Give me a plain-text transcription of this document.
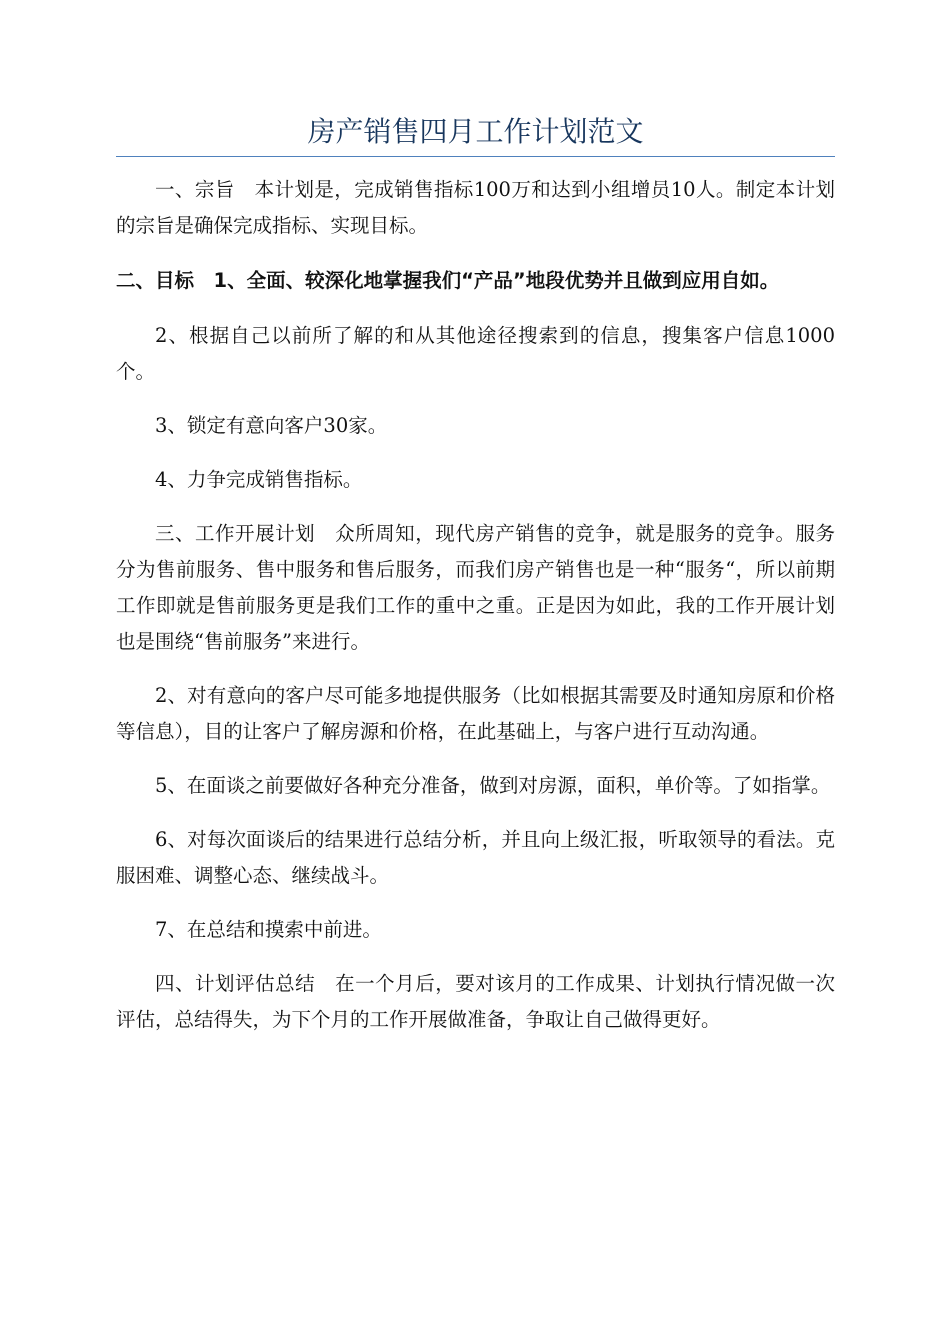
房产销售四月工作计划范文

一、宗旨　本计划是，完成销售指标100万和达到小组增员10人。制定本计划的宗旨是确保完成指标、实现目标。

二、目标　1、全面、较深化地掌握我们“产品”地段优势并且做到应用自如。

2、根据自己以前所了解的和从其他途径搜索到的信息，搜集客户信息1000个。

3、锁定有意向客户30家。

4、力争完成销售指标。

三、工作开展计划　众所周知，现代房产销售的竞争，就是服务的竞争。服务分为售前服务、售中服务和售后服务，而我们房产销售也是一种“服务“，所以前期工作即就是售前服务更是我们工作的重中之重。正是因为如此，我的工作开展计划也是围绕“售前服务”来进行。

2、对有意向的客户尽可能多地提供服务（比如根据其需要及时通知房原和价格等信息），目的让客户了解房源和价格，在此基础上，与客户进行互动沟通。

5、在面谈之前要做好各种充分准备，做到对房源，面积，单价等。了如指掌。

6、对每次面谈后的结果进行总结分析，并且向上级汇报，听取领导的看法。克服困难、调整心态、继续战斗。

7、在总结和摸索中前进。

四、计划评估总结　在一个月后，要对该月的工作成果、计划执行情况做一次评估，总结得失，为下个月的工作开展做准备，争取让自己做得更好。
